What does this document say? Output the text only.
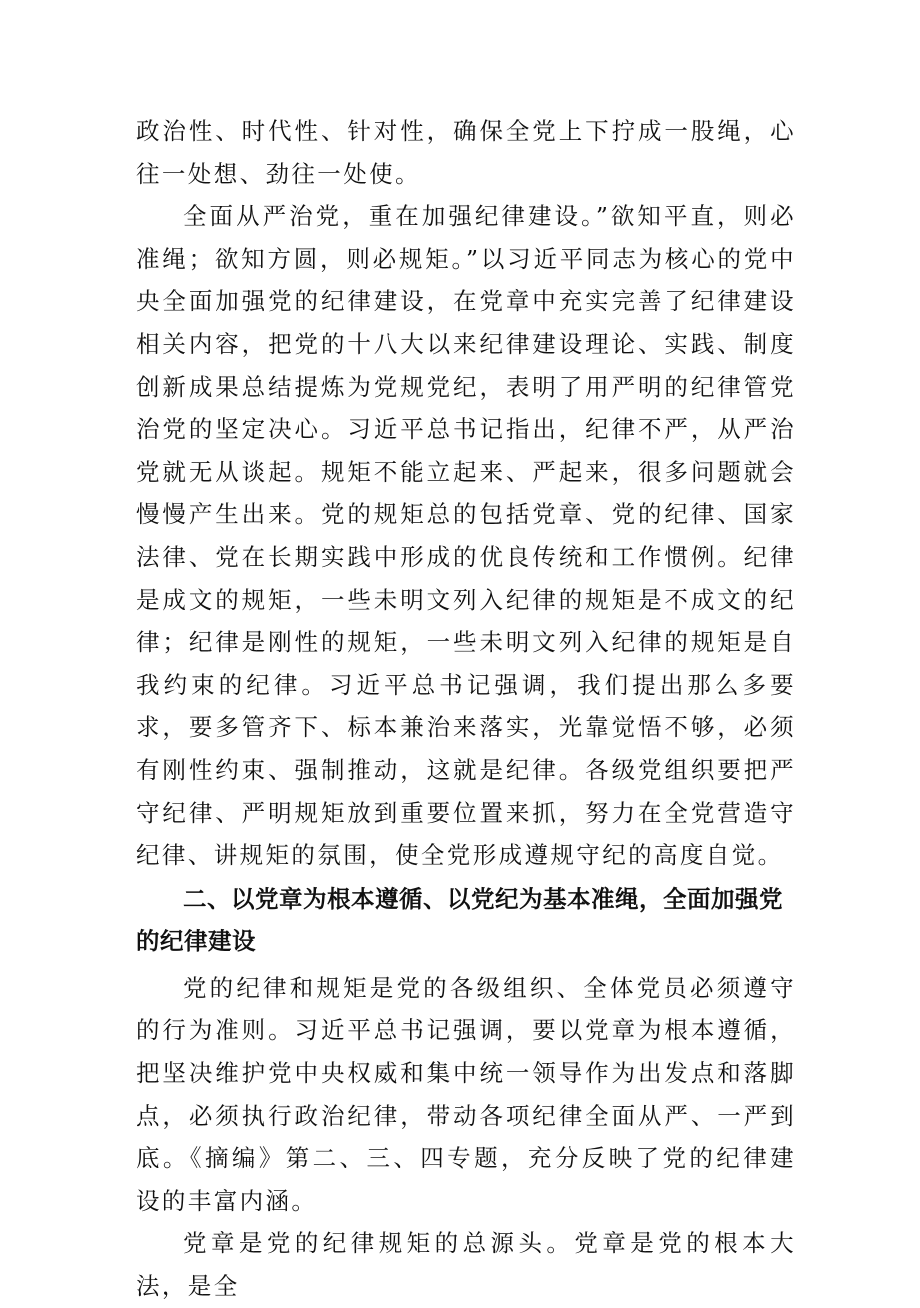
政治性、时代性、针对性，确保全党上下拧成一股绳，心往一处想、劲往一处使。

全面从严治党，重在加强纪律建设。”欲知平直，则必准绳；欲知方圆，则必规矩。”以习近平同志为核心的党中央全面加强党的纪律建设，在党章中充实完善了纪律建设相关内容，把党的十八大以来纪律建设理论、实践、制度创新成果总结提炼为党规党纪，表明了用严明的纪律管党治党的坚定决心。习近平总书记指出，纪律不严，从严治党就无从谈起。规矩不能立起来、严起来，很多问题就会慢慢产生出来。党的规矩总的包括党章、党的纪律、国家法律、党在长期实践中形成的优良传统和工作惯例。纪律是成文的规矩，一些未明文列入纪律的规矩是不成文的纪律；纪律是刚性的规矩，一些未明文列入纪律的规矩是自我约束的纪律。习近平总书记强调，我们提出那么多要求，要多管齐下、标本兼治来落实，光靠觉悟不够，必须有刚性约束、强制推动，这就是纪律。各级党组织要把严守纪律、严明规矩放到重要位置来抓，努力在全党营造守纪律、讲规矩的氛围，使全党形成遵规守纪的高度自觉。

二、以党章为根本遵循、以党纪为基本准绳，全面加强党的纪律建设

党的纪律和规矩是党的各级组织、全体党员必须遵守的行为准则。习近平总书记强调，要以党章为根本遵循，把坚决维护党中央权威和集中统一领导作为出发点和落脚点，必须执行政治纪律，带动各项纪律全面从严、一严到底。《摘编》第二、三、四专题，充分反映了党的纪律建设的丰富内涵。

党章是党的纪律规矩的总源头。党章是党的根本大法，是全
